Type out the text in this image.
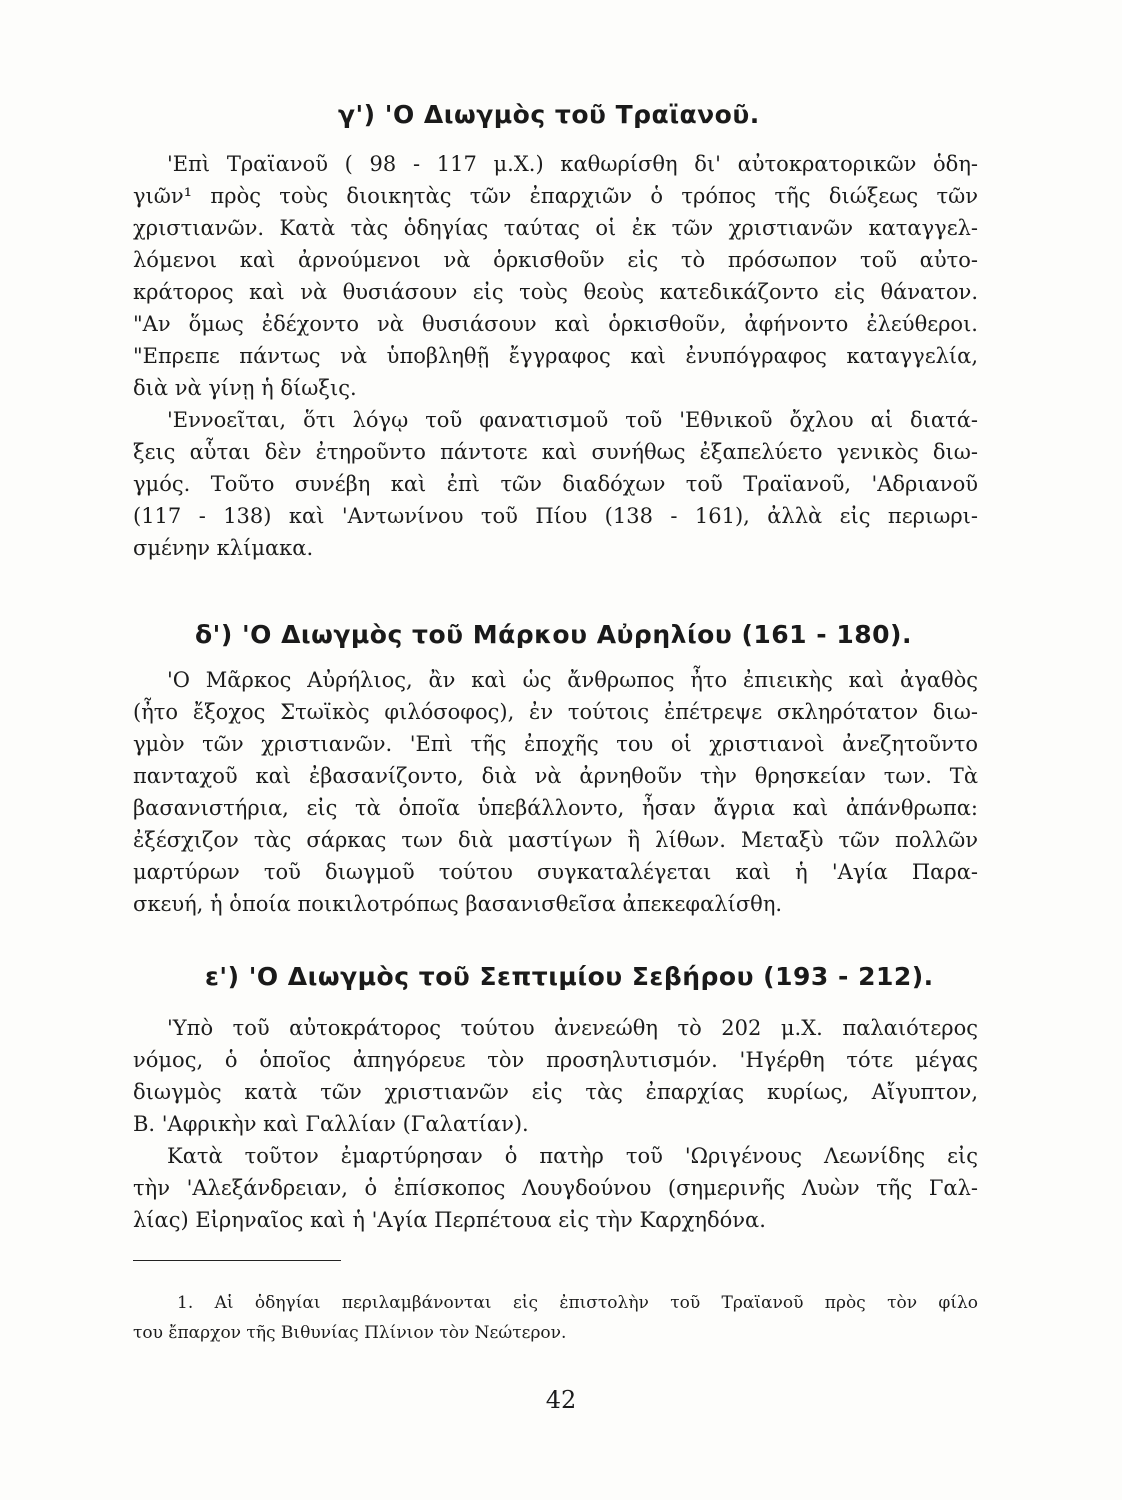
γ') 'Ο Διωγμὸς τοῦ Τραϊανοῦ.
'Επὶ Τραϊανοῦ ( 98 - 117 μ.Χ.) καθωρίσθη δι' αὐτοκρατορικῶν ὁδη-
γιῶν¹ πρὸς τοὺς διοικητὰς τῶν ἐπαρχιῶν ὁ τρόπος τῆς διώξεως τῶν
χριστιανῶν. Κατὰ τὰς ὁδηγίας ταύτας οἱ ἐκ τῶν χριστιανῶν καταγγελ-
λόμενοι καὶ ἀρνούμενοι νὰ ὁρκισθοῦν εἰς τὸ πρόσωπον τοῦ αὐτο-
κράτορος καὶ νὰ θυσιάσουν εἰς τοὺς θεοὺς κατεδικάζοντο εἰς θάνατον.
"Αν ὅμως ἐδέχοντο νὰ θυσιάσουν καὶ ὁρκισθοῦν, ἀφήνοντο ἐλεύθεροι.
"Επρεπε πάντως νὰ ὑποβληθῇ ἔγγραφος καὶ ἐνυπόγραφος καταγγελία,
διὰ νὰ γίνῃ ἡ δίωξις.
'Εννοεῖται, ὅτι λόγῳ τοῦ φανατισμοῦ τοῦ 'Εθνικοῦ ὄχλου αἱ διατά-
ξεις αὗται δὲν ἐτηροῦντο πάντοτε καὶ συνήθως ἐξαπελύετο γενικὸς διω-
γμός. Τοῦτο συνέβη καὶ ἐπὶ τῶν διαδόχων τοῦ Τραϊανοῦ, 'Αδριανοῦ
(117 - 138) καὶ 'Αντωνίνου τοῦ Πίου (138 - 161), ἀλλὰ εἰς περιωρι-
σμένην κλίμακα.
δ') 'Ο Διωγμὸς τοῦ Μάρκου Αὐρηλίου (161 - 180).
'Ο Μᾶρκος Αὐρήλιος, ἂν καὶ ὡς ἄνθρωπος ἦτο ἐπιεικὴς καὶ ἀγαθὸς
(ἦτο ἔξοχος Στωϊκὸς φιλόσοφος), ἐν τούτοις ἐπέτρεψε σκληρότατον διω-
γμὸν τῶν χριστιανῶν. 'Επὶ τῆς ἐποχῆς του οἱ χριστιανοὶ ἀνεζητοῦντο
πανταχοῦ καὶ ἐβασανίζοντο, διὰ νὰ ἀρνηθοῦν τὴν θρησκείαν των. Τὰ
βασανιστήρια, εἰς τὰ ὁποῖα ὑπεβάλλοντο, ἦσαν ἄγρια καὶ ἀπάνθρωπα:
ἐξέσχιζον τὰς σάρκας των διὰ μαστίγων ἢ λίθων. Μεταξὺ τῶν πολλῶν
μαρτύρων τοῦ διωγμοῦ τούτου συγκαταλέγεται καὶ ἡ 'Αγία Παρα-
σκευή, ἡ ὁποία ποικιλοτρόπως βασανισθεῖσα ἀπεκεφαλίσθη.
ε') 'Ο Διωγμὸς τοῦ Σεπτιμίου Σεβήρου (193 - 212).
'Υπὸ τοῦ αὐτοκράτορος τούτου ἀνενεώθη τὸ 202 μ.Χ. παλαιότερος
νόμος, ὁ ὁποῖος ἀπηγόρευε τὸν προσηλυτισμόν. 'Ηγέρθη τότε μέγας
διωγμὸς κατὰ τῶν χριστιανῶν εἰς τὰς ἐπαρχίας κυρίως, Αἴγυπτον,
Β. 'Αφρικὴν καὶ Γαλλίαν (Γαλατίαν).
Κατὰ τοῦτον ἐμαρτύρησαν ὁ πατὴρ τοῦ 'Ωριγένους Λεωνίδης εἰς
τὴν 'Αλεξάνδρειαν, ὁ ἐπίσκοπος Λουγδούνου (σημερινῆς Λυὼν τῆς Γαλ-
λίας) Εἰρηναῖος καὶ ἡ 'Αγία Περπέτουα εἰς τὴν Καρχηδόνα.
1. Αἱ ὁδηγίαι περιλαμβάνονται εἰς ἐπιστολὴν τοῦ Τραϊανοῦ πρὸς τὸν φίλο
του ἔπαρχον τῆς Βιθυνίας Πλίνιον τὸν Νεώτερον.
42
